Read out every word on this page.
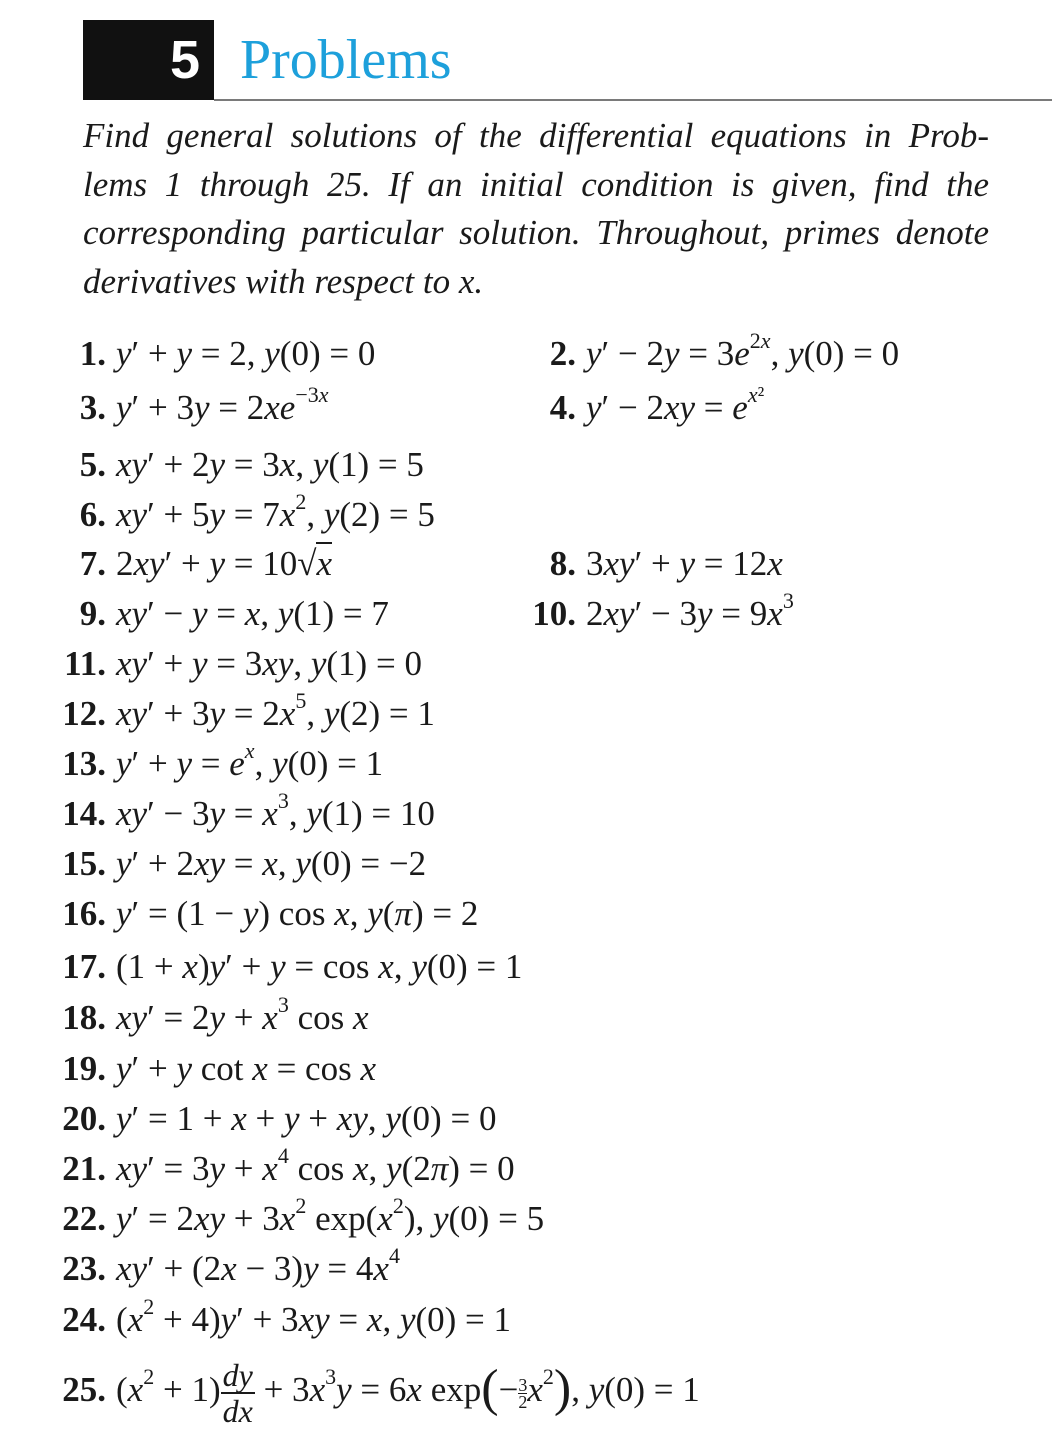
5 Problems
Find general solutions of the differential equations in Prob-
lems 1 through 25. If an initial condition is given, find the
corresponding particular solution. Throughout, primes denote
derivatives with respect to x.
1. y′ + y = 2, y(0) = 0	2. $y' - 2y = 3e^{2x}$, y(0) = 0
3. $y' + 3y = 2xe^{-3x}$	4. $y' - 2xy = e^{x^2}$
5. xy′ + 2y = 3x, y(1) = 5
6. $xy' + 5y = 7x^2$, y(2) = 5
7. 2xy′ + y = 10√x	8. 3xy′ + y = 12x
9. xy′ − y = x, y(1) = 7	10. $2xy' - 3y = 9x^3$
11. xy′ + y = 3xy, y(1) = 0
12. $xy' + 3y = 2x^5$, y(2) = 1
13. $y' + y = e^x$, y(0) = 1
14. $xy' - 3y = x^3$, y(1) = 10
15. y′ + 2xy = x, y(0) = −2
16. y′ = (1 − y) cos x, y(π) = 2
17. (1 + x)y′ + y = cos x, y(0) = 1
18. $xy' = 2y + x^3$ cos x
19. y′ + y cot x = cos x
20. y′ = 1 + x + y + xy, y(0) = 0
21. $xy' = 3y + x^4$ cos x, y(2π) = 0
22. $y' = 2xy + 3x^2$ $\exp(x^2)$, y(0) = 5
23. $xy' + (2x - 3)y = 4x^4$
24. $(x^2 + 4)y' + 3xy = x$, y(0) = 1
25. $(x^2 + 1) \frac{dy}{dx} + 3x^3y = 6x$ $\exp(- \frac{3}{2} x^2)$, y(0) = 1
